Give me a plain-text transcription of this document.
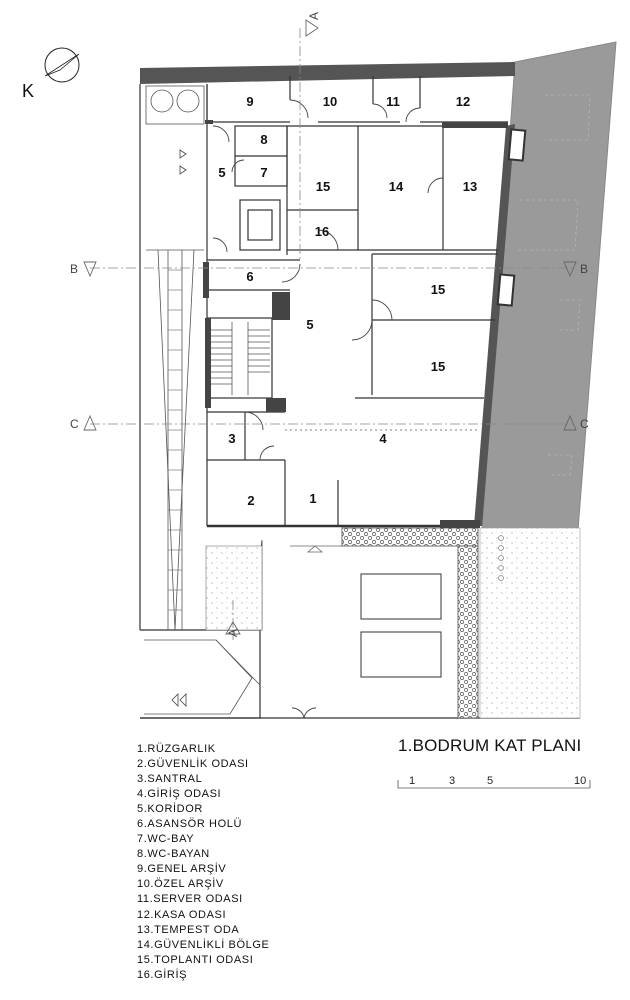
B	B
C	C
A
A
K
9	10	11	12
8
5	7
15	14	13
16
6
15
5
15
3	4
2	1
1.BODRUM KAT PLANI
1	3	5	10
1.RÜZGARLIK
2.GÜVENLİK ODASI
3.SANTRAL
4.GİRİŞ ODASI
5.KORİDOR
6.ASANSÖR HOLÜ
7.WC-BAY
8.WC-BAYAN
9.GENEL ARŞİV
10.ÖZEL ARŞİV
11.SERVER ODASI
12.KASA ODASI
13.TEMPEST ODA
14.GÜVENLİKLİ BÖLGE
15.TOPLANTI ODASI
16.GİRİŞ
